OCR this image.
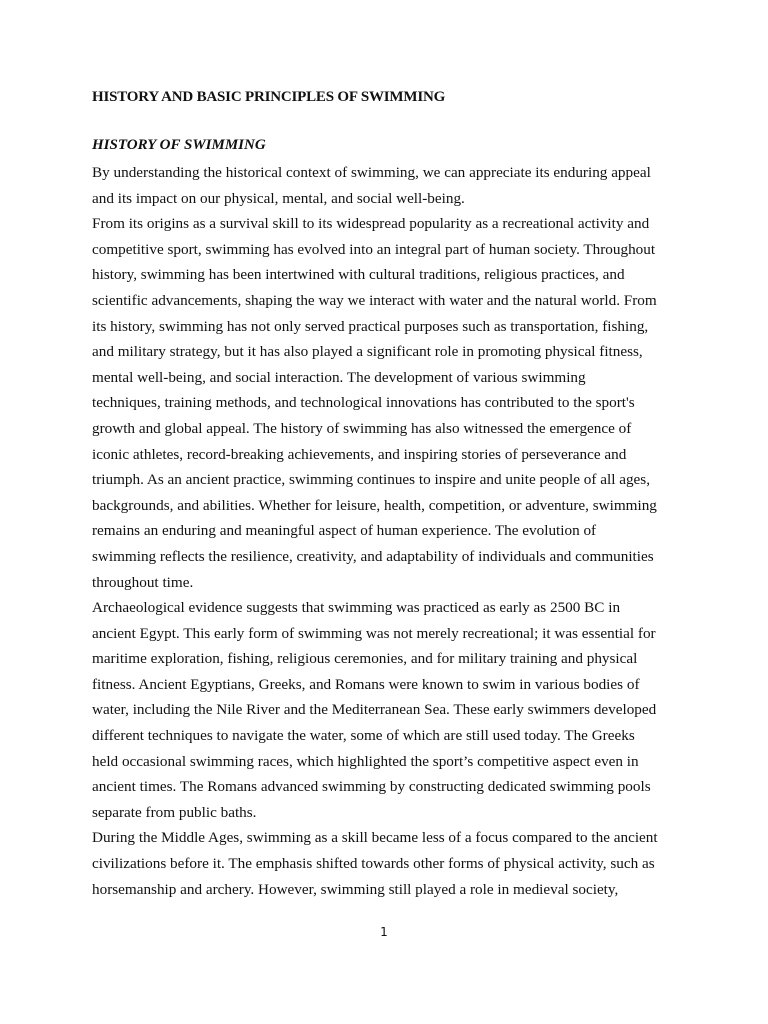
HISTORY AND BASIC PRINCIPLES OF SWIMMING
HISTORY OF SWIMMING
By understanding the historical context of swimming, we can appreciate its enduring appeal
and its impact on our physical, mental, and social well-being.
From its origins as a survival skill to its widespread popularity as a recreational activity and
competitive sport, swimming has evolved into an integral part of human society. Throughout
history, swimming has been intertwined with cultural traditions, religious practices, and
scientific advancements, shaping the way we interact with water and the natural world. From
its history, swimming has not only served practical purposes such as transportation, fishing,
and military strategy, but it has also played a significant role in promoting physical fitness,
mental well-being, and social interaction. The development of various swimming
techniques, training methods, and technological innovations has contributed to the sport's
growth and global appeal. The history of swimming has also witnessed the emergence of
iconic athletes, record-breaking achievements, and inspiring stories of perseverance and
triumph. As an ancient practice, swimming continues to inspire and unite people of all ages,
backgrounds, and abilities. Whether for leisure, health, competition, or adventure, swimming
remains an enduring and meaningful aspect of human experience. The evolution of
swimming reflects the resilience, creativity, and adaptability of individuals and communities
throughout time.
Archaeological evidence suggests that swimming was practiced as early as 2500 BC in
ancient Egypt. This early form of swimming was not merely recreational; it was essential for
maritime exploration, fishing, religious ceremonies, and for military training and physical
fitness. Ancient Egyptians, Greeks, and Romans were known to swim in various bodies of
water, including the Nile River and the Mediterranean Sea. These early swimmers developed
different techniques to navigate the water, some of which are still used today. The Greeks
held occasional swimming races, which highlighted the sport’s competitive aspect even in
ancient times. The Romans advanced swimming by constructing dedicated swimming pools
separate from public baths.
During the Middle Ages, swimming as a skill became less of a focus compared to the ancient
civilizations before it. The emphasis shifted towards other forms of physical activity, such as
horsemanship and archery. However, swimming still played a role in medieval society,
1
